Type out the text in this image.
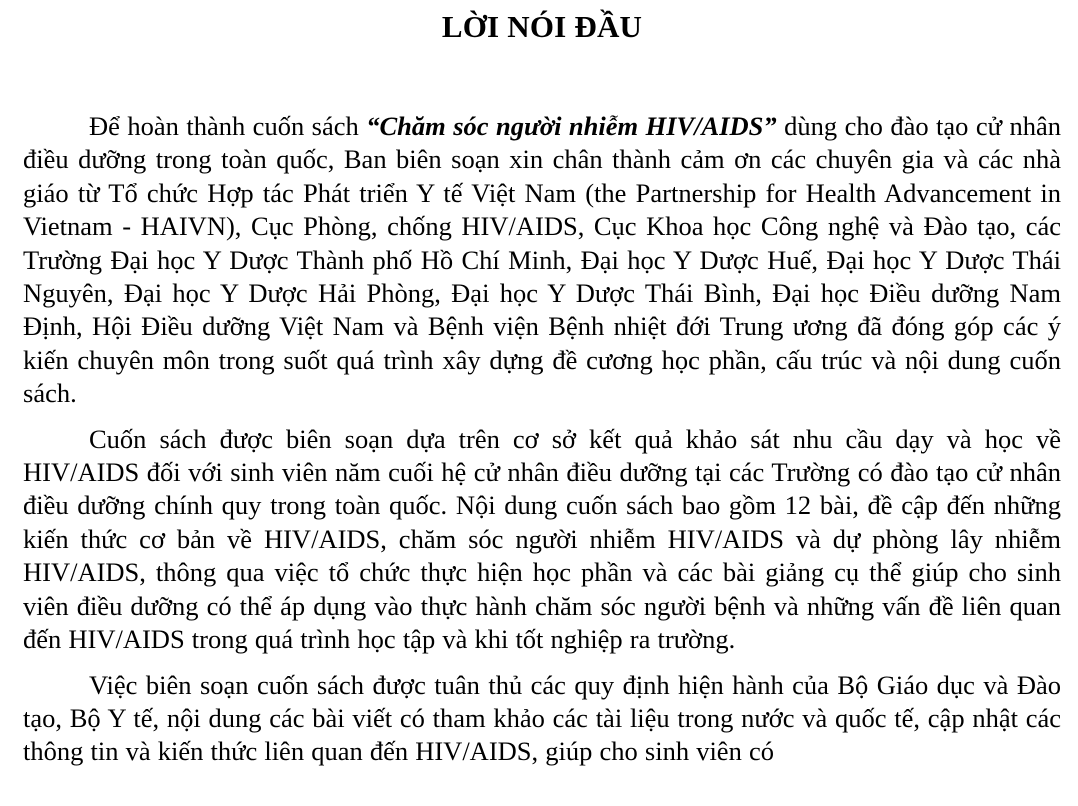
LỜI NÓI ĐẦU

Để hoàn thành cuốn sách “Chăm sóc người nhiễm HIV/AIDS” dùng cho đào tạo cử nhân điều dưỡng trong toàn quốc, Ban biên soạn xin chân thành cảm ơn các chuyên gia và các nhà giáo từ Tổ chức Hợp tác Phát triển Y tế Việt Nam (the Partnership for Health Advancement in Vietnam - HAIVN), Cục Phòng, chống HIV/AIDS, Cục Khoa học Công nghệ và Đào tạo, các Trường Đại học Y Dược Thành phố Hồ Chí Minh, Đại học Y Dược Huế, Đại học Y Dược Thái Nguyên, Đại học Y Dược Hải Phòng, Đại học Y Dược Thái Bình, Đại học Điều dưỡng Nam Định, Hội Điều dưỡng Việt Nam và Bệnh viện Bệnh nhiệt đới Trung ương đã đóng góp các ý kiến chuyên môn trong suốt quá trình xây dựng đề cương học phần, cấu trúc và nội dung cuốn sách.

Cuốn sách được biên soạn dựa trên cơ sở kết quả khảo sát nhu cầu dạy và học về HIV/AIDS đối với sinh viên năm cuối hệ cử nhân điều dưỡng tại các Trường có đào tạo cử nhân điều dưỡng chính quy trong toàn quốc. Nội dung cuốn sách bao gồm 12 bài, đề cập đến những kiến thức cơ bản về HIV/AIDS, chăm sóc người nhiễm HIV/AIDS và dự phòng lây nhiễm HIV/AIDS, thông qua việc tổ chức thực hiện học phần và các bài giảng cụ thể giúp cho sinh viên điều dưỡng có thể áp dụng vào thực hành chăm sóc người bệnh và những vấn đề liên quan đến HIV/AIDS trong quá trình học tập và khi tốt nghiệp ra trường.

Việc biên soạn cuốn sách được tuân thủ các quy định hiện hành của Bộ Giáo dục và Đào tạo, Bộ Y tế, nội dung các bài viết có tham khảo các tài liệu trong nước và quốc tế, cập nhật các thông tin và kiến thức liên quan đến HIV/AIDS, giúp cho sinh viên có
